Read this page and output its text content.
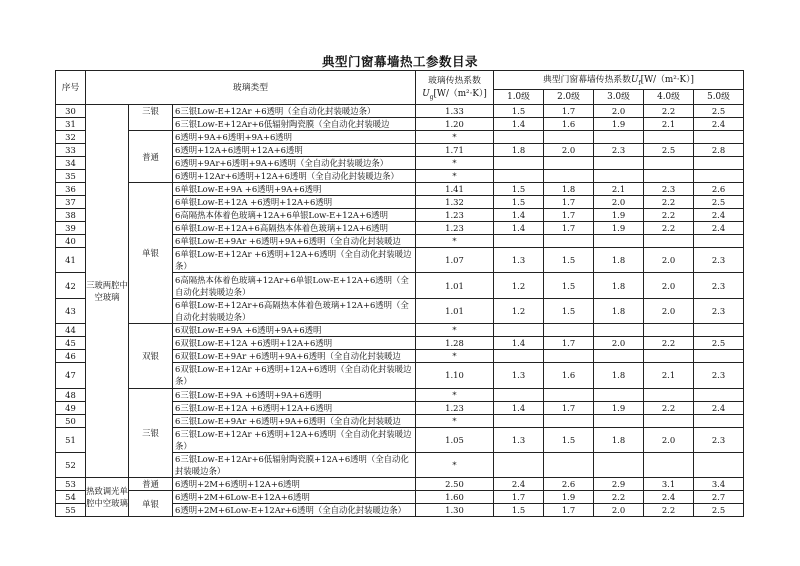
典型门窗幕墙热工参数目录
序号	玻璃类型			玻璃传热系数
$U_g[W/(m^2\cdot K)]$	典型门窗幕墙传热系数$U_f[W/(m^2\cdot K)]$				
					1.0级	2.0级	3.0级	4.0级	5.0级
30	三玻两腔中空玻璃	三银	6三银Low-E+12Ar +6透明（全自动化封装暖边条）	1.33	1.5	1.7	2.0	2.2	2.5
31			6三银Low-E+12Ar+6低辐射陶瓷膜（全自动化封装暖边	1.20	1.4	1.6	1.9	2.1	2.4
32		普通	6透明+9A+6透明+9A+6透明	*					
33			6透明+12A+6透明+12A+6透明	1.71	1.8	2.0	2.3	2.5	2.8
34			6透明+9Ar+6透明+9A+6透明（全自动化封装暖边条）	*					
35			6透明+12Ar+6透明+12A+6透明（全自动化封装暖边条）	*					
36		单银	6单银Low-E+9A +6透明+9A+6透明	1.41	1.5	1.8	2.1	2.3	2.6
37			6单银Low-E+12A +6透明+12A+6透明	1.32	1.5	1.7	2.0	2.2	2.5
38			6高隔热本体着色玻璃+12A+6单银Low-E+12A+6透明	1.23	1.4	1.7	1.9	2.2	2.4
39			6单银Low-E+12A+6高隔热本体着色玻璃+12A+6透明	1.23	1.4	1.7	1.9	2.2	2.4
40			6单银Low-E+9Ar +6透明+9A+6透明（全自动化封装暖边	*					
41			6单银Low-E+12Ar +6透明+12A+6透明（全自动化封装暖边条）	1.07	1.3	1.5	1.8	2.0	2.3
42			6高隔热本体着色玻璃+12Ar+6单银Low-E+12A+6透明（全自动化封装暖边条）	1.01	1.2	1.5	1.8	2.0	2.3
43			6单银Low-E+12Ar+6高隔热本体着色玻璃+12A+6透明（全自动化封装暖边条）	1.01	1.2	1.5	1.8	2.0	2.3
44		双银	6双银Low-E+9A +6透明+9A+6透明	*					
45			6双银Low-E+12A +6透明+12A+6透明	1.28	1.4	1.7	2.0	2.2	2.5
46			6双银Low-E+9Ar +6透明+9A+6透明（全自动化封装暖边	*					
47			6双银Low-E+12Ar +6透明+12A+6透明（全自动化封装暖边条）	1.10	1.3	1.6	1.8	2.1	2.3
48		三银	6三银Low-E+9A +6透明+9A+6透明	*					
49			6三银Low-E+12A +6透明+12A+6透明	1.23	1.4	1.7	1.9	2.2	2.4
50			6三银Low-E+9Ar +6透明+9A+6透明（全自动化封装暖边	*					
51			6三银Low-E+12Ar +6透明+12A+6透明（全自动化封装暖边条）	1.05	1.3	1.5	1.8	2.0	2.3
52			6三银Low-E+12Ar+6低辐射陶瓷膜+12A+6透明（全自动化封装暖边条）	*					
53	热致调光单腔中空玻璃	普通	6透明+2M+6透明+12A+6透明	2.50	2.4	2.6	2.9	3.1	3.4
54		单银	6透明+2M+6Low-E+12A+6透明	1.60	1.7	1.9	2.2	2.4	2.7
55			6透明+2M+6Low-E+12Ar+6透明（全自动化封装暖边条）	1.30	1.5	1.7	2.0	2.2	2.5
